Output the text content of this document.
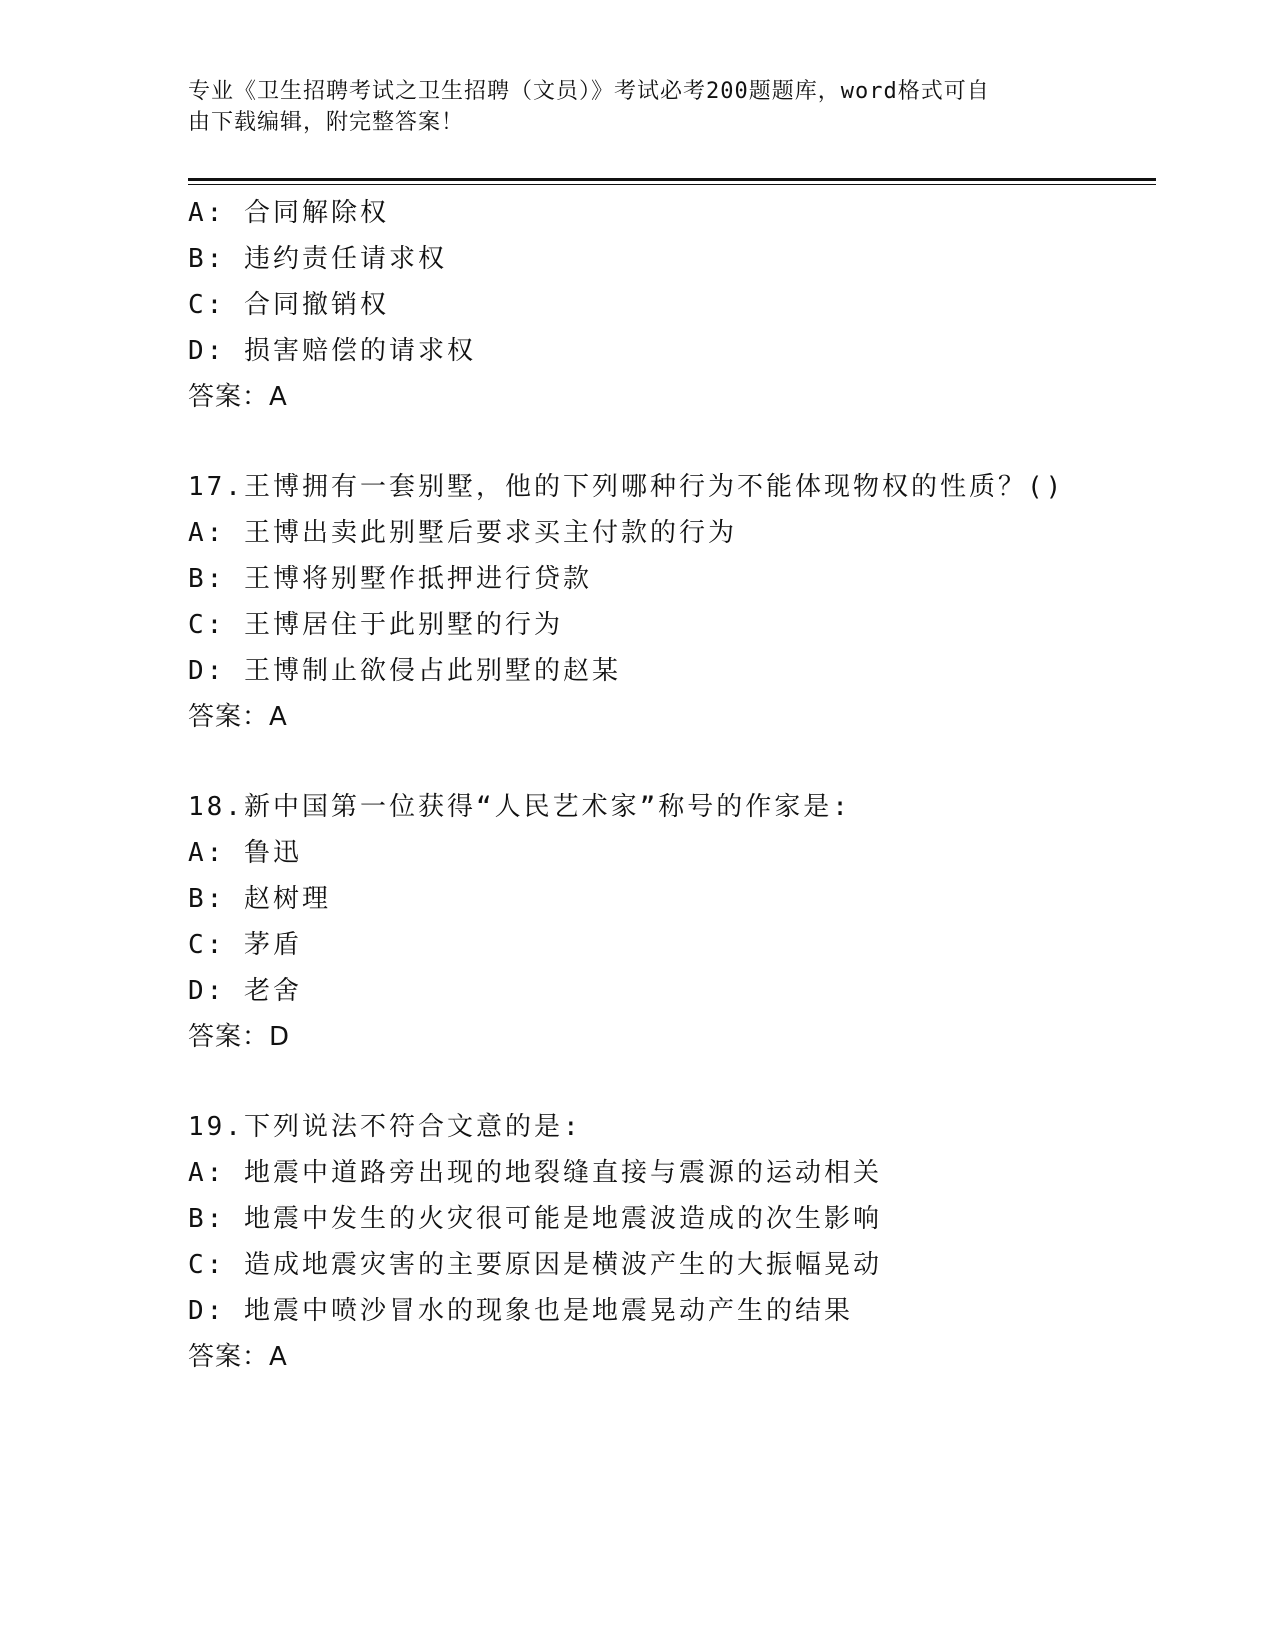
专业《卫生招聘考试之卫生招聘（文员）》考试必考200题题库，word格式可自
由下载编辑，附完整答案！
A: 合同解除权
B: 违约责任请求权
C: 合同撤销权
D: 损害赔偿的请求权
答案：A
17.王博拥有一套别墅，他的下列哪种行为不能体现物权的性质？()
A: 王博出卖此别墅后要求买主付款的行为
B: 王博将别墅作抵押进行贷款
C: 王博居住于此别墅的行为
D: 王博制止欲侵占此别墅的赵某
答案：A
18.新中国第一位获得“人民艺术家”称号的作家是:
A: 鲁迅
B: 赵树理
C: 茅盾
D: 老舍
答案：D
19.下列说法不符合文意的是:
A: 地震中道路旁出现的地裂缝直接与震源的运动相关
B: 地震中发生的火灾很可能是地震波造成的次生影响
C: 造成地震灾害的主要原因是横波产生的大振幅晃动
D: 地震中喷沙冒水的现象也是地震晃动产生的结果
答案：A
